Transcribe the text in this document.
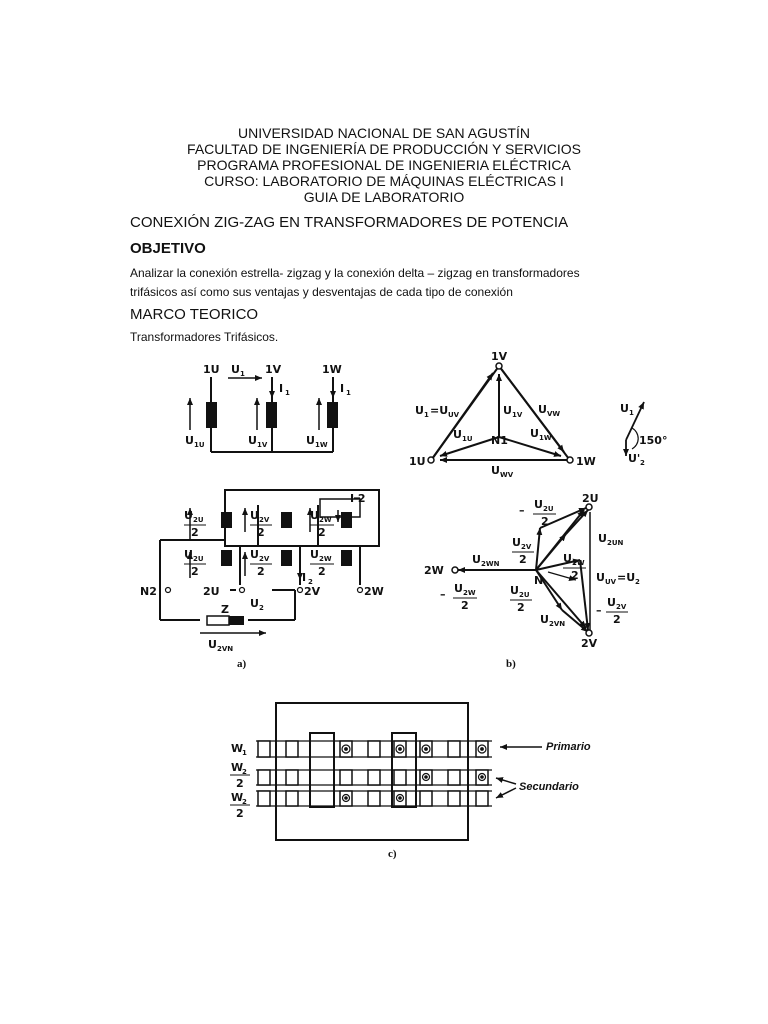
UNIVERSIDAD NACIONAL DE SAN AGUSTÍN
FACULTAD DE INGENIERÍA DE PRODUCCIÓN Y SERVICIOS
PROGRAMA PROFESIONAL DE INGENIERIA ELÉCTRICA
CURSO: LABORATORIO DE MÁQUINAS ELÉCTRICAS I
GUIA DE LABORATORIO
CONEXIÓN ZIG-ZAG EN TRANSFORMADORES DE POTENCIA
OBJETIVO
Analizar la conexión estrella- zigzag y la conexión delta – zigzag en transformadores
trifásicos así como sus ventajas y desventajas de cada tipo de conexión
MARCO TEORICO
Transformadores Trifásicos.
1U	1V	1W
U 1
I 1	I 1
U 1U	U 1V	U 1W
1V
1U	1W
N1
U 1 =U UV	U 1V U VW
U 1U	U 1W
U WV
U 1
150°
U' 2
I 2
U 2U
2
U 2V
2
U 2W
2
U 2U
2
U 2V
2
U 2W
2
N2	2U	2V	2W
I 2
U 2
Z
U 2VN
a)
2U
2V
2W
N
– U 2U
2
U 2UN
U 2V
2	U 2W
2
U 2WN
U UV =U 2
– U 2W
2
U 2U
2	–
U 2V
2
U 2VN
b)
W
1
W
2
2
W
2
2
Primario
Secundario
c)
